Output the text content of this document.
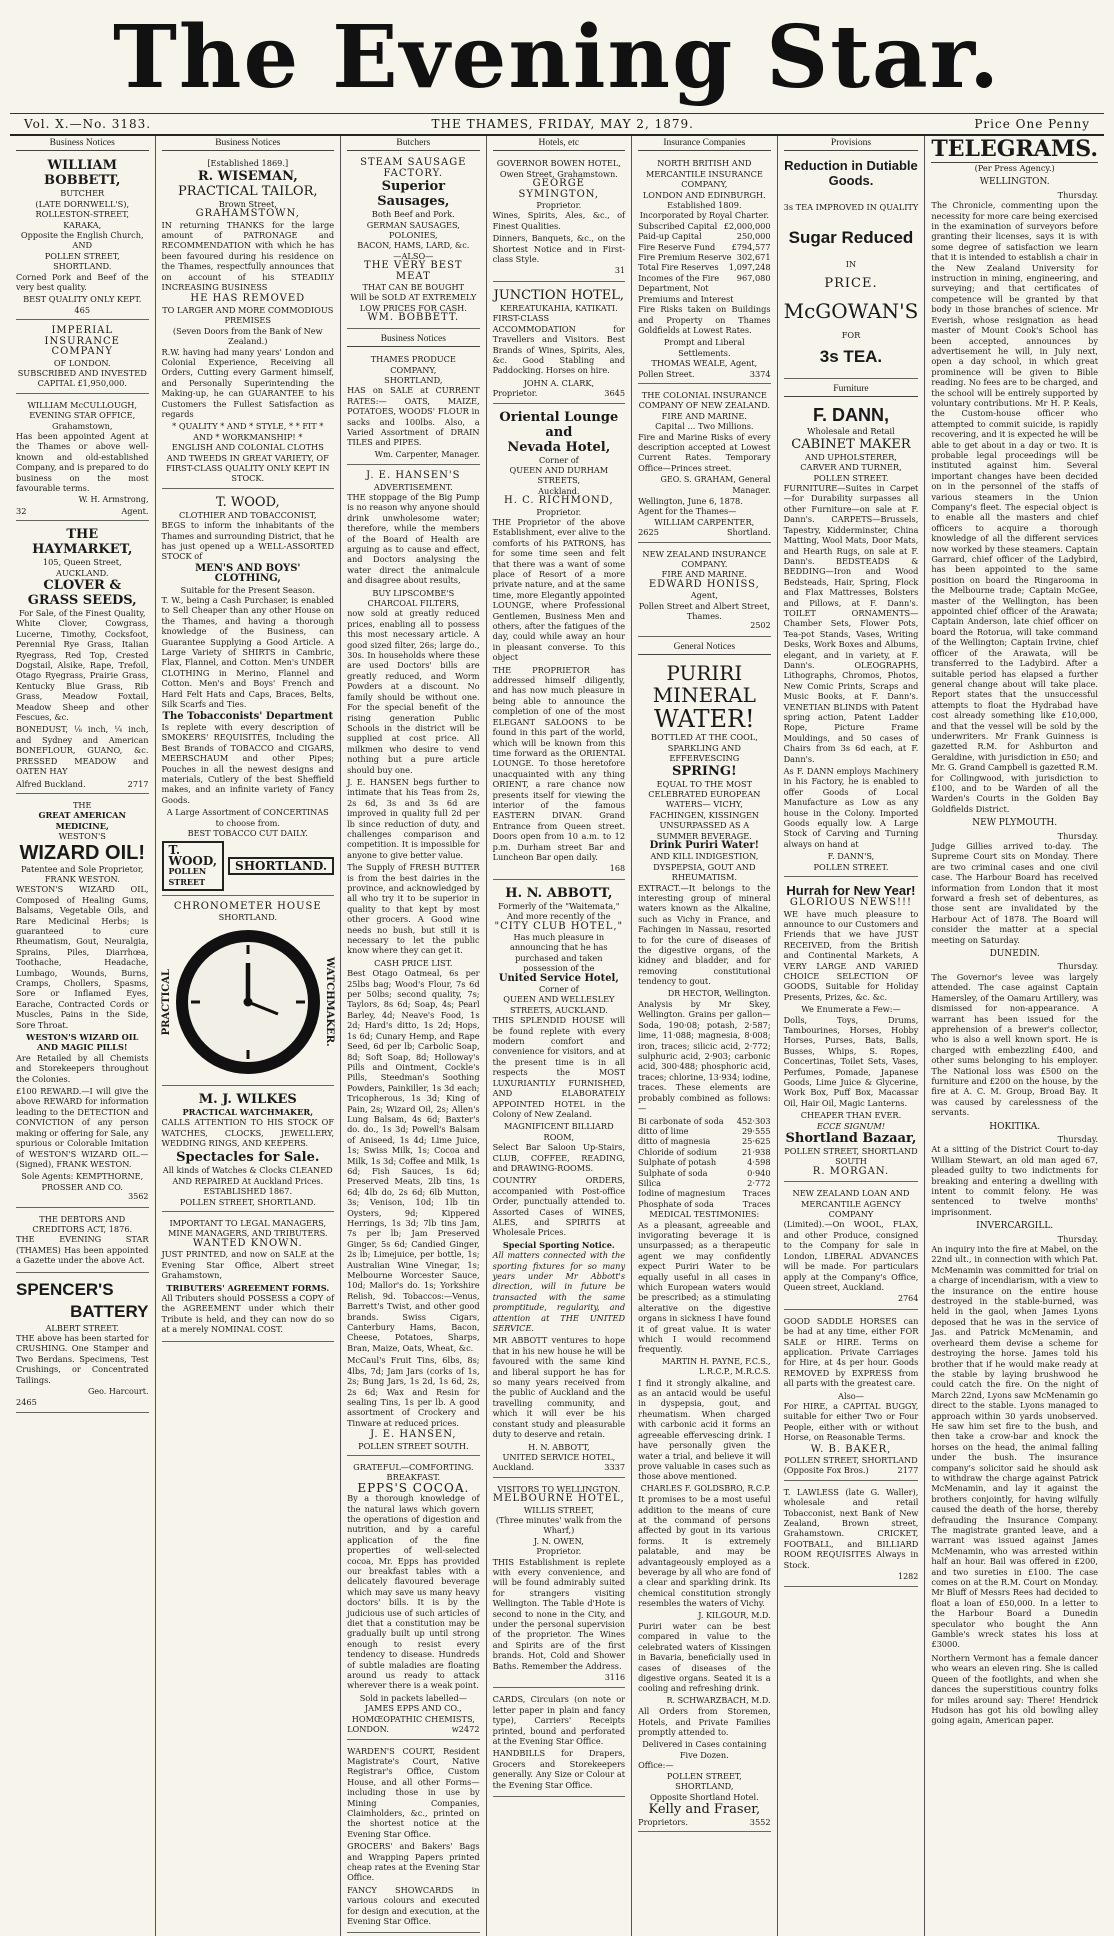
The Evening Star.
Vol. X.—No. 3183.	THE THAMES, FRIDAY, MAY 2, 1879.	Price One Penny
Business Notices
WILLIAM BOBBETT,
BUTCHER
(LATE DORNWELL'S),
ROLLESTON-STREET, KARAKA,
Opposite the English Church,
AND
POLLEN STREET, SHORTLAND.

Corned Pork and Beef of the very best quality.

BEST QUALITY ONLY KEPT. 465
IMPERIAL
INSURANCE COMPANY
OF LONDON.
SUBSCRIBED AND INVESTED
CAPITAL £1,950,000.
WILLIAM McCULLOUGH,
EVENING STAR OFFICE,
Grahamstown,

Has been appointed Agent at the Thames or above well-known and old-established Company, and is prepared to do business on the most favourable terms.

W. H. Armstrong,
32	Agent.
THE HAYMARKET,
105, Queen Street,
AUCKLAND.
CLOVER & GRASS SEEDS,
For Sale, of the Finest Quality,

White Clover, Cowgrass, Lucerne, Timothy, Cocksfoot, Perennial Rye Grass, Italian Ryegrass, Red Top, Crested Dogstail, Alsike, Rape, Trefoil, Otago Ryegrass, Prairie Grass, Kentucky Blue Grass, Rib Grass, Meadow Foxtail, Meadow Sheep and other Fescues, &c.

BONEDUST, ⅛ inch, ¼ inch, and Sydney and American BONEFLOUR, GUANO, &c. PRESSED MEADOW and OATEN HAY

Alfred Buckland.	2717
THE
GREAT AMERICAN MEDICINE,
WESTON'S
WIZARD OIL!
Patentee and Sole Proprietor, FRANK WESTON.

WESTON'S WIZARD OIL, Composed of Healing Gums, Balsams, Vegetable Oils, and Rare Medicinal Herbs; is guaranteed to cure Rheumatism, Gout, Neuralgia, Sprains, Piles, Diarrhœa, Toothache, Headache, Lumbago, Wounds, Burns, Cramps, Chollers, Spasms, Sore or Inflamed Eyes, Earache, Contracted Cords or Muscles, Pains in the Side, Sore Throat.

WESTON'S WIZARD OIL AND MAGIC PILLS!

Are Retailed by all Chemists and Storekeepers throughout the Colonies.

£100 REWARD.—I will give the above REWARD for information leading to the DETECTION and CONVICTION of any person making or offering for Sale, any spurious or Colorable Imitation of WESTON'S WIZARD OIL.—(Signed), FRANK WESTON.

Sole Agents: KEMPTHORNE, PROSSER AND CO.
3562
THE DEBTORS AND CREDITORS ACT, 1876.

THE EVENING STAR (THAMES) Has been appointed a Gazette under the above Act.

SPENCER'S
BATTERY
ALBERT STREET.

THE above has been started for CRUSHING. One Stamper and Two Berdans. Specimens, Test Crushings, or Concentrated Tailings.

Geo. Harcourt.
2465
Business Notices
[Established 1869.]
R. WISEMAN,
PRACTICAL TAILOR,
Brown Street,
GRAHAMSTOWN,

IN returning THANKS for the large amount of PATRONAGE and RECOMMENDATION with which he has been favoured during his residence on the Thames, respectfully announces that on account of his STEADILY INCREASING BUSINESS

HE HAS REMOVED
TO LARGER AND MORE COMMODIOUS PREMISES
(Seven Doors from the Bank of New Zealand.)

R.W. having had many years' London and Colonial Experience, Receiving all Orders, Cutting every Garment himself, and Personally Superintending the Making-up, he can GUARANTEE to his Customers the Fullest Satisfaction as regards

* QUALITY * AND * STYLE, * * FIT * AND * WORKMANSHIP! *
ENGLISH AND COLONIAL CLOTHS AND TWEEDS IN GREAT VARIETY, OF FIRST-CLASS QUALITY ONLY KEPT IN STOCK.
T. WOOD,
CLOTHIER AND TOBACCONIST,

BEGS to inform the inhabitants of the Thames and surrounding District, that he has just opened up a WELL-ASSORTED STOCK of

MEN'S AND BOYS' CLOTHING,
Suitable for the Present Season.

T. W., being a Cash Purchaser, is enabled to Sell Cheaper than any other House on the Thames, and having a thorough knowledge of the Business, can Guarantee Supplying a Good Article. A Large Variety of SHIRTS in Cambric, Flax, Flannel, and Cotton. Men's UNDER CLOTHING in Merino, Flannel and Cotton. Men's and Boys' French and Hard Felt Hats and Caps, Braces, Belts, Silk Scarfs and Ties.

The Tobacconists' Department

Is replete with every description of SMOKERS' REQUISITES, Including the Best Brands of TOBACCO and CIGARS, MEERSCHAUM and other Pipes; Pouches in all the newest designs and materials, Cutlery of the best Sheffield makes, and an infinite variety of Fancy Goods.

A Large Assortment of CONCERTINAS to choose from.
BEST TOBACCO CUT DAILY.
T. WOOD,
POLLEN STREET
SHORTLAND.
CHRONOMETER HOUSE
SHORTLAND.
PRACTICAL	WATCHMAKER.
M. J. WILKES
PRACTICAL WATCHMAKER,

CALLS ATTENTION TO HIS STOCK OF WATCHES, CLOCKS, JEWELLERY, WEDDING RINGS, AND KEEPERS.

Spectacles for Sale.
All kinds of Watches & Clocks CLEANED AND REPAIRED At Auckland Prices.
ESTABLISHED 1867.
POLLEN STREET, SHORTLAND.
IMPORTANT TO LEGAL MANAGERS, MINE MANAGERS, AND TRIBUTERS.
WANTED KNOWN.

JUST PRINTED, and now on SALE at the Evening Star Office, Albert street Grahamstown,

TRIBUTERS' AGREEMENT FORMS.

All Tributers should POSSESS a COPY of the AGREEMENT under which their Tribute is held, and they can now do so at a merely NOMINAL COST.

Butchers
STEAM SAUSAGE FACTORY.
Superior Sausages,
Both Beef and Pork.
GERMAN SAUSAGES, POLONIES,
BACON, HAMS, LARD, &c.
—ALSO—
THE VERY BEST MEAT
THAT CAN BE BOUGHT
Will be SOLD AT EXTREMELY LOW PRICES FOR CASH.
WM. BOBBETT.
Business Notices
THAMES PRODUCE COMPANY,
SHORTLAND,

HAS on SALE at CURRENT RATES:— OATS, MAIZE, POTATOES, WOODS' FLOUR in sacks and 100lbs. Also, a Varied Assortment of DRAIN TILES and PIPES.

Wm. Carpenter, Manager.
J. E. HANSEN'S
ADVERTISEMENT.

THE stoppage of the Big Pump is no reason why anyone should drink unwholesome water; therefore, while the members of the Board of Health are arguing as to cause and effect, and Doctors analysing the water direct the animalcule and disagree about results,

BUY LIPSCOMBE'S CHARCOAL FILTERS,

now sold at greatly reduced prices, enabling all to possess this most necessary article. A good sized filter, 26s; large do., 30s. In households where these are used Doctors' bills are greatly reduced, and Worm Powders at a discount. No family should be without one. For the special benefit of the rising generation Public Schools in the district will be supplied at cost price. All milkmen who desire to vend nothing but a pure article should buy one.

J. E. HANSEN begs further to intimate that his Teas from 2s, 2s 6d, 3s and 3s 6d are improved in quality full 2d per lb since reduction of duty, and challenges comparison and competition. It is impossible for anyone to give better value.

The Supply of FRESH BUTTER is from the best dairies in the province, and acknowledged by all who try it to be superior in quality to that kept by most other grocers. A Good wine needs no bush, but still it is necessary to let the public know where they can get it.

CASH PRICE LIST.

Best Otago Oatmeal, 6s per 25lbs bag; Wood's Flour, 7s 6d per 50lbs; second quality, 7s; Taylors, 8s 6d; Soap, 4s; Pearl Barley, 4d; Neave's Food, 1s 2d; Hard's ditto, 1s 2d; Hops, 1s 6d; Cunary Hemp, and Rape Seed, 6d per lb; Carbolic Soap, 8d; Soft Soap, 8d; Holloway's Pills and Ointment, Cockle's Pills, Steedman's Soothing Powders, Painkiller, 1s 3d each; Tricopherous, 1s 3d; King of Pain, 2s; Wizard Oil, 2s; Allen's Lung Balsam, 4s 6d; Baxter's do. do., 1s 3d; Powell's Balsam of Aniseed, 1s 4d; Lime Juice, 1s; Swiss Milk, 1s; Cocoa and Milk, 1s 3d; Coffee and Milk, 1s 6d; Fish Sauces, 1s 6d; Preserved Meats, 2lb tins, 1s 6d; 4lb do, 2s 6d; 6lb Mutton, 3s; Venison, 10d; 1lb tin Oysters, 9d; Kippered Herrings, 1s 3d; 7lb tins Jam, 7s per lb; Jam Preserved Ginger, 5s 6d; Candied Ginger, 2s lb; Limejuice, per bottle, 1s; Australian Wine Vinegar, 1s; Melbourne Worcester Sauce, 10d; Mallor's do. 1s; Yorkshire Relish, 9d. Tobaccos:—Venus, Barrett's Twist, and other good brands. Swiss Cigars, Canterbury Hams, Bacon, Cheese, Potatoes, Sharps, Bran, Maize, Oats, Wheat, &c.

McCaul's Fruit Tins, 6lbs, 8s; 4lbs, 7d; Jam Jars (corks of 1s, 2s; Bung Jars, 1s 2d, 1s 6d, 2s, 2s 6d; Wax and Resin for sealing Tins, 1s per lb. A good assortment of Crockery and Tinware at reduced prices.

J. E. HANSEN,
POLLEN STREET SOUTH.
GRATEFUL—COMFORTING.
BREAKFAST.
EPPS'S COCOA.

By a thorough knowledge of the natural laws which govern the operations of digestion and nutrition, and by a careful application of the fine properties of well-selected cocoa, Mr. Epps has provided our breakfast tables with a delicately flavoured beverage which may save us many heavy doctors' bills. It is by the judicious use of such articles of diet that a constitution may be gradually built up until strong enough to resist every tendency to disease. Hundreds of subtle maladies are floating around us ready to attack wherever there is a weak point.

Sold in packets labelled—
JAMES EPPS AND CO.,
HOMŒOPATHIC CHEMISTS,
LONDON.	w2472

WARDEN'S COURT, Resident Magistrate's Court, Native Registrar's Office, Custom House, and all other Forms—including those in use by Mining Companies, Claimholders, &c., printed on the shortest notice at the Evening Star Office.

GROCERS' and Bakers' Bags and Wrapping Papers printed cheap rates at the Evening Star Office.

FANCY SHOWCARDS in various colours and executed for design and execution, at the Evening Star Office.

Hotels, etc
GOVERNOR BOWEN HOTEL,
Owen Street, Grahamstown.
GEORGE SYMINGTON,
Proprietor.

Wines, Spirits, Ales, &c., of Finest Qualities.

Dinners, Banquets, &c., on the Shortest Notice and in First-class Style.

31
JUNCTION HOTEL,
KEREATUKAHIA, KATIKATI.

FIRST-CLASS ACCOMMODATION for Travellers and Visitors. Best Brands of Wines, Spirits, Ales, &c. Good Stabling and Paddocking. Horses on hire.

JOHN A. CLARK,
Proprietor.	3645
Oriental Lounge and
Nevada Hotel,
Corner of
QUEEN AND DURHAM STREETS,
Auckland.
H. C. RICHMOND,
Proprietor.

THE Proprietor of the above Establishment, ever alive to the comforts of his PATRONS, has for some time seen and felt that there was a want of some place of Resort of a more private nature, and at the same time, more Elegantly appointed LOUNGE, where Professional Gentlemen, Business Men and others, after the fatigues of the day, could while away an hour in pleasant converse. To this object

THE PROPRIETOR has addressed himself diligently, and has now much pleasure in being able to announce the completion of one of the most ELEGANT SALOONS to be found in this part of the world, which will be known from this time forward as the ORIENTAL LOUNGE. To those heretofore unacquainted with any thing ORIENT, a rare chance now presents itself for viewing the interior of the famous EASTERN DIVAN. Grand Entrance from Queen street. Doors open from 10 a.m. to 12 p.m. Durham street Bar and Luncheon Bar open daily.

168
H. N. ABBOTT,
Formerly of the "Waitemata,"
And more recently of the
"CITY CLUB HOTEL,"
Has much pleasure in announcing that he has purchased and taken possession of the
United Service Hotel,
Corner of
QUEEN AND WELLESLEY STREETS, AUCKLAND.

THIS SPLENDID HOUSE will be found replete with every modern comfort and convenience for visitors, and at the present time is in all respects the MOST LUXURIANTLY FURNISHED, AND ELABORATELY APPOINTED HOTEL in the Colony of New Zealand.

MAGNIFICENT BILLIARD ROOM,

Select Bar Saloon Up-Stairs, CLUB, COFFEE, READING, and DRAWING-ROOMS.

COUNTRY ORDERS, accompanied with Post-office Order, punctually attended to. Assorted Cases of WINES, ALES, and SPIRITS at Wholesale Prices.

Special Sporting Notice.

All matters connected with the sporting fixtures for so many years under Mr Abbott's direction, will in future be transacted with the same promptitude, regularity, and attention at THE UNITED SERVICE.

MR ABBOTT ventures to hope that in his new house he will be favoured with the same kind and liberal support he has for so many years received from the public of Auckland and the travelling community, and which it will ever be his constant study and pleasurable duty to deserve and retain.

H. N. ABBOTT,
UNITED SERVICE HOTEL,
Auckland.	3337
VISITORS TO WELLINGTON.
MELBOURNE HOTEL,
WILLIS STREET,
(Three minutes' walk from the Wharf,)
J. N. OWEN,
Proprietor.

THIS Establishment is replete with every convenience, and will be found admirably suited for strangers visiting Wellington. The Table d'Hote is second to none in the City, and under the personal supervision of the proprietor. The Wines and Spirits are of the first brands. Hot, Cold and Shower Baths. Remember the Address.

3116

CARDS, Circulars (on note or letter paper in plain and fancy type), Carriers' Receipts printed, bound and perforated at the Evening Star Office.

HANDBILLS for Drapers, Grocers and Storekeepers generally. Any Size or Colour at the Evening Star Office.

Insurance Companies
NORTH BRITISH AND MERCANTILE INSURANCE COMPANY,
LONDON AND EDINBURGH.
Established 1809.
Incorporated by Royal Charter.
Subscribed Capital £2,000,000
Paid-up Capital	250,000
Fire Reserve Fund £794,577
Fire Premium Reserve 302,671
Total Fire Reserves 1,097,248
Incomes of the Fire Department, Not Premiums and Interest
967,080

Fire Risks taken on Buildings and Property on Thames Goldfields at Lowest Rates.

Prompt and Liberal Settlements.
THOMAS WEALE, Agent,
Pollen Street.	3374
THE COLONIAL INSURANCE COMPANY OF NEW ZEALAND.
FIRE AND MARINE.
Capital ... Two Millions.

Fire and Marine Risks of every description accepted at Lowest Current Rates. Temporary Office—Princes street.

GEO. S. GRAHAM, General Manager.
Wellington, June 6, 1878.
Agent for the Thames—
WILLIAM CARPENTER,
2625	Shortland.
NEW ZEALAND INSURANCE COMPANY.
FIRE AND MARINE.
EDWARD HONISS,
Agent,
Pollen Street and Albert Street, Thames.
2502
General Notices
PURIRI MINERAL
WATER!
BOTTLED AT THE COOL, SPARKLING AND EFFERVESCING
SPRING!
EQUAL TO THE MOST CELEBRATED EUROPEAN WATERS— VICHY, FACHINGEN, KISSINGEN
UNSURPASSED AS A SUMMER BEVERAGE.
Drink Puriri Water!
AND KILL INDIGESTION, DYSPEPSIA, GOUT AND RHEUMATISM.

EXTRACT.—It belongs to the interesting group of mineral waters known as the Alkaline, such as Vichy in France, and Fachingen in Nassau, resorted to for the cure of diseases of the digestive organs, of the kidney and bladder, and for removing constitutional tendency to gout.

DR HECTOR, Wellington.

Analysis by Mr Skey, Wellington. Grains per gallon—Soda, 190·08; potash, 2·587; lime, 11·088; magnesia, 8·008; iron, traces; silicic acid, 2·772; sulphuric acid, 2·903; carbonic acid, 300·488; phosphoric acid, traces; chlorine, 13·934; iodine, traces. These elements are probably combined as follows:—

Bi carbonate of soda 452·303
ditto of lime	29·555
ditto of magnesia	25·625
Chloride of sodium	21·938
Sulphate of potash	4·598
Sulphate of soda	0·940
Silica	2·772
Iodine of magnesium Traces
Phosphate of soda	Traces
MEDICAL TESTIMONIES:

As a pleasant, agreeable and invigorating beverage it is unsurpassed; as a therapeutic agent we may confidently expect Puriri Water to be equally useful in all cases in which European waters would be prescribed; as a stimulating alterative on the digestive organs in sickness I have found it of great value. It is water which I would recommend frequently.

MARTIN H. PAYNE, F.C.S., L.R.C.P., M.R.C.S.

I find it strongly alkaline, and as an antacid would be useful in dyspepsia, gout, and rheumatism. When charged with carbonic acid it forms an agreeable effervescing drink. I have personally given the water a trial, and believe it will prove valuable in cases such as those above mentioned.

CHARLES F. GOLDSBRO, R.C.P.

It promises to be a most useful addition to the means of cure at the command of persons affected by gout in its various forms. It is extremely palatable, and may be advantageously employed as a beverage by all who are fond of a clear and sparkling drink. Its chemical constitution strongly resembles the waters of Vichy.

J. KILGOUR, M.D.

Puriri water can be best compared in value to the celebrated waters of Kissingen in Bavaria, beneficially used in cases of diseases of the digestive organs. Seated it is a cooling and refreshing drink.

R. SCHWARZBACH, M.D.

All Orders from Storemen, Hotels, and Private Families promptly attended to.

Delivered in Cases containing Five Dozen.
Office:—
POLLEN STREET, SHORTLAND,
Opposite Shortland Hotel.
Kelly and Fraser,
Proprietors.	3552
Provisions
Reduction in Dutiable
Goods.
3s TEA IMPROVED IN QUALITY
Sugar Reduced
IN
PRICE.
McGOWAN'S
FOR
3s TEA.
Furniture
F. DANN,
Wholesale and Retail
CABINET MAKER
AND UPHOLSTERER,
CARVER AND TURNER,
POLLEN STREET.

FURNITURE—Suites in Carpet—for Durability surpasses all other Furniture—on sale at F. Dann's. CARPETS—Brussels, Tapestry, Kidderminster, China Matting, Wool Mats, Door Mats, and Hearth Rugs, on sale at F. Dann's. BEDSTEADS & BEDDING—Iron and Wood Bedsteads, Hair, Spring, Flock and Flax Mattresses, Bolsters and Pillows, at F. Dann's. TOILET ORNAMENTS—Chamber Sets, Flower Pots, Tea-pot Stands, Vases, Writing Desks, Work Boxes and Albums, elegant, and in variety, at F. Dann's. OLEOGRAPHS, Lithographs, Chromos, Photos, New Comic Prints, Scraps and Music Books, at F. Dann's. VENETIAN BLINDS with Patent spring action, Patent Ladder Rope, Picture Frame Mouldings, and 50 cases of Chairs from 3s 6d each, at F. Dann's.

As F. DANN employs Machinery in his Factory, he is enabled to offer Goods of Local Manufacture as Low as any house in the Colony. Imported Goods equally low. A Large Stock of Carving and Turning always on hand at

F. DANN'S,
POLLEN STREET.
Hurrah for New Year!
GLORIOUS NEWS!!!

WE have much pleasure to announce to our Customers and Friends that we have JUST RECEIVED, from the British and Continental Markets, A VERY LARGE AND VARIED CHOICE SELECTION OF GOODS, Suitable for Holiday Presents, Prizes, &c. &c.

We Enumerate a Few:—

Dolls, Toys, Drums, Tambourines, Horses, Hobby Horses, Purses, Bats, Balls, Busses, Whips, S. Ropes, Concertinas, Toilet Sets, Vases, Perfumes, Pomade, Japanese Goods, Lime Juice & Glycerine, Work Box, Puff Box, Macassar Oil, Hair Oil, Magic Lanterns.

CHEAPER THAN EVER.
ECCE SIGNUM!
Shortland Bazaar,
POLLEN STREET, SHORTLAND SOUTH
R. MORGAN.
NEW ZEALAND LOAN AND MERCANTILE AGENCY COMPANY

(Limited).—On WOOL, FLAX, and other Produce, consigned to the Company for sale in London, LIBERAL ADVANCES will be made. For particulars apply at the Company's Office, Queen street, Auckland.

2764

GOOD SADDLE HORSES can be had at any time, either FOR SALE or HIRE. Terms on application. Private Carriages for Hire, at 4s per hour. Goods REMOVED by EXPRESS from all parts with the greatest care.

Also—

For HIRE, a CAPITAL BUGGY, suitable for either Two or Four People, either with or without Horse, on Reasonable Terms.

W. B. BAKER,
POLLEN STREET, SHORTLAND
(Opposite Fox Bros.)	2177

T. LAWLESS (late G. Waller), wholesale and retail Tobacconist, next Bank of New Zealand, Brown street, Grahamstown. CRICKET, FOOTBALL, and BILLIARD ROOM REQUISITES Always in Stock.

1282
TELEGRAMS.
(Per Press Agency.)
WELLINGTON.
Thursday.

The Chronicle, commenting upon the necessity for more care being exercised in the examination of surveyors before granting their licenses, says it is with some degree of satisfaction we learn that it is intended to establish a chair in the New Zealand University for instruction in mining, engineering, and surveying; and that certificates of competence will be granted by that body in those branches of science. Mr Everish, whose resignation as head master of Mount Cook's School has been accepted, announces by advertisement he will, in July next, open a day school, in which great prominence will be given to Bible reading. No fees are to be charged, and the school will be entirely supported by voluntary contributions. Mr H. P. Keals, the Custom-house officer who attempted to commit suicide, is rapidly recovering, and it is expected he will be able to get about in a day or two. It is probable legal proceedings will be instituted against him. Several important changes have been decided on in the personnel of the staffs of various steamers in the Union Company's fleet. The especial object is to enable all the masters and chief officers to acquire a thorough knowledge of all the different services now worked by these steamers. Captain Garrard, chief officer of the Ladybird, has been appointed to the same position on board the Ringarooma in the Melbourne trade; Captain McGee, master of the Wellington, has been appointed chief officer of the Arawata; Captain Anderson, late chief officer on board the Rotorua, will take command of the Wellington; Captain Irvine, chief officer of the Arawata, will be transferred to the Ladybird. After a suitable period has elapsed a further general change about will take place. Report states that the unsuccessful attempts to float the Hydrabad have cost already something like £10,000, and that the vessel will be sold by the underwriters. Mr Frank Guinness is gazetted R.M. for Ashburton and Geraldine, with jurisdiction in £50; and Mr. G. Grand Campbell is gazetted R.M. for Collingwood, with jurisdiction to £100, and to be Warden of all the Warden's Courts in the Golden Bay Goldfields District.

NEW PLYMOUTH.
Thursday.

Judge Gillies arrived to-day. The Supreme Court sits on Monday. There are two criminal cases and one civil case. The Harbour Board has received information from London that it most forward a fresh set of debentures, as those sent are invalidated by the Harbour Act of 1878. The Board will consider the matter at a special meeting on Saturday.

DUNEDIN.
Thursday.

The Governor's levee was largely attended. The case against Captain Hamersley, of the Oamaru Artillery, was dismissed for non-appearance. A warrant has been issued for the apprehension of a brewer's collector, who is also a well known sport. He is charged with embezzling £400, and other sums belonging to his employer. The National loss was £500 on the furniture and £200 on the house, by the fire at A. C. M. Group, Broad Bay. It was caused by carelessness of the servants.

HOKITIKA.
Thursday.

At a sitting of the District Court to-day William Stewart, an old man aged 67, pleaded guilty to two indictments for breaking and entering a dwelling with intent to commit felony. He was sentenced to twelve months' imprisonment.

INVERCARGILL.
Thursday.

An inquiry into the fire at Mabel, on the 22nd ult., in connection with which Pat. McMenamin was committed for trial on a charge of incendiarism, with a view to the insurance on the entire house destroyed in the stable-burned, was held in the gaol, when James Lyons deposed that he was in the service of Jas. and Patrick McMenamin, and overheard them devise a scheme for destroying the horse. James told his brother that if he would make ready at the stable by laying brushwood he could catch the fire. On the night of March 22nd, Lyons saw McMenamin go direct to the stable. Lyons managed to approach within 30 yards unobserved. He saw him set fire to the bush, and then take a crow-bar and knock the horses on the head, the animal falling under the bush. The insurance company's solicitor said he should ask to withdraw the charge against Patrick McMenamin, and lay it against the brothers conjointly, for having wilfully caused the death of the horse, thereby defrauding the Insurance Company. The magistrate granted leave, and a warrant was issued against James McMenamin, who was arrested within half an hour. Bail was offered in £200, and two sureties in £100. The case comes on at the R.M. Court on Monday. Mr Bluff of Messrs Rees had decided to float a loan of £50,000. In a letter to the Harbour Board a Dunedin speculator who bought the Ann Gamble's wreck states his loss at £3000.

Northern Vermont has a female dancer who wears an eleven ring. She is called Queen of the footlights, and when she dances the superstitious country folks for miles around say: There! Hendrick Hudson has got his old bowling alley going again, American paper.
